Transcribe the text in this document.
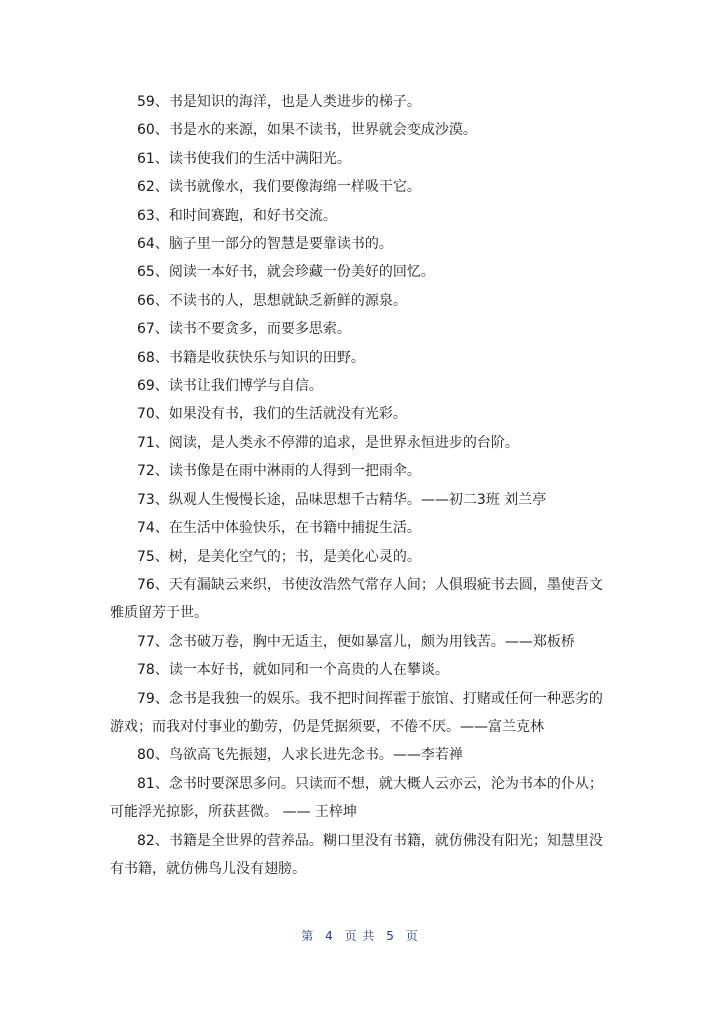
59、书是知识的海洋，也是人类进步的梯子。
60、书是水的来源，如果不读书，世界就会变成沙漠。
61、读书使我们的生活中满阳光。
62、读书就像水，我们要像海绵一样吸干它。
63、和时间赛跑，和好书交流。
64、脑子里一部分的智慧是要靠读书的。
65、阅读一本好书，就会珍藏一份美好的回忆。
66、不读书的人，思想就缺乏新鲜的源泉。
67、读书不要贪多，而要多思索。
68、书籍是收获快乐与知识的田野。
69、读书让我们博学与自信。
70、如果没有书，我们的生活就没有光彩。
71、阅读，是人类永不停滞的追求，是世界永恒进步的台阶。
72、读书像是在雨中淋雨的人得到一把雨伞。
73、纵观人生慢慢长途，品味思想千古精华。——初二3班 刘兰亭
74、在生活中体验快乐，在书籍中捕捉生活。
75、树，是美化空气的；书，是美化心灵的。
76、天有漏缺云来织，书使汝浩然气常存人间；人俱瑕疵书去圆，墨使吾文雅质留芳于世。
77、念书破万卷，胸中无适主，便如暴富儿，颇为用钱苦。——郑板桥
78、读一本好书，就如同和一个高贵的人在攀谈。
79、念书是我独一的娱乐。我不把时间挥霍于旅馆、打赌或任何一种恶劣的游戏；而我对付事业的勤劳，仍是凭据须要，不倦不厌。——富兰克林
80、鸟欲高飞先振翅，人求长进先念书。——李若禅
81、念书时要深思多问。只读而不想，就大概人云亦云，沦为书本的仆从；可能浮光掠影，所获甚微。 —— 王梓坤
82、书籍是全世界的营养品。糊口里没有书籍，就仿佛没有阳光；知慧里没有书籍，就仿佛鸟儿没有翅膀。
第 4 页 共 5 页
